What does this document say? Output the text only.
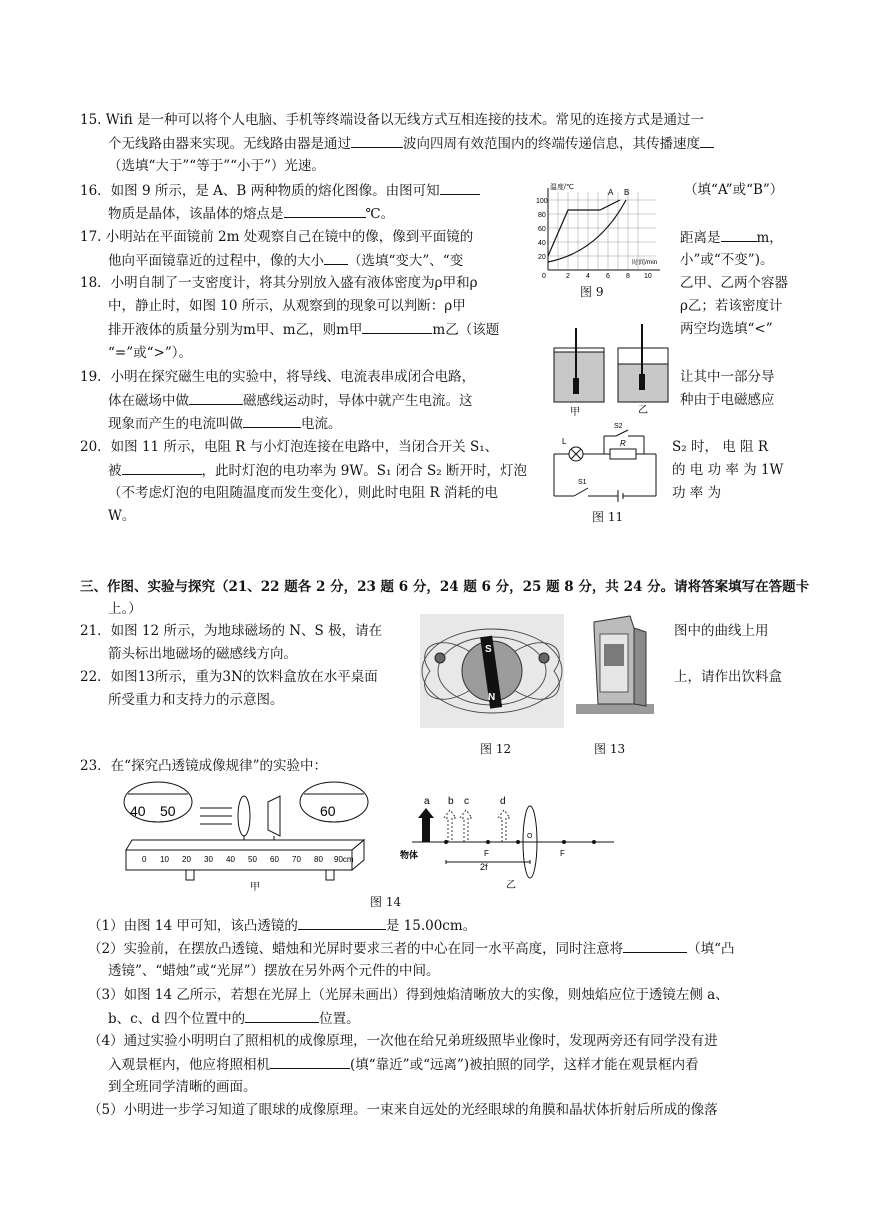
15. Wifi 是一种可以将个人电脑、手机等终端设备以无线方式互相连接的技术。常见的连接方式是通过一
个无线路由器来实现。无线路由器是通过	波向四周有效范围内的终端传递信息，其传播速度
（选填“大于”“等于”“小于”）光速。
16．如图 9 所示，是 A、B 两种物质的熔化图像。由图可知	（填“A”或“B”）
物质是晶体，该晶体的熔点是	℃。
17. 小明站在平面镜前 2m 处观察自己在镜中的像，像到平面镜的	距离是	m，
他向平面镜靠近的过程中，像的大小 （选填“变大”、“变	小”或“不变”)。
18．小明自制了一支密度计，将其分别放入盛有液体密度为ρ甲和ρ	乙甲、乙两个容器
中，静止时，如图 10 所示，从观察到的现象可以判断：ρ甲	ρ乙；若该密度计
排开液体的质量分别为m甲、m乙，则m甲	m乙（该题	两空均选填“<”
“=”或“>”）。
19．小明在探究磁生电的实验中，将导线、电流表串成闭合电路，	让其中一部分导
体在磁场中做	磁感线运动时，导体中就产生电流。这	种由于电磁感应
现象而产生的电流叫做	电流。
20．如图 11 所示，电阻 R 与小灯泡连接在电路中，当闭合开关 S₁、	S₂ 时， 电 阻 R
被	，此时灯泡的电功率为 9W。S₁ 闭合 S₂ 断开时，灯泡	的 电 功 率 为 1W
（不考虑灯泡的电阻随温度而发生变化），则此时电阻 R 消耗的电	功 率 为
W。
三、作图、实验与探究（21、22 题各 2 分，23 题 6 分，24 题 6 分，25 题 8 分，共 24 分。请将答案填写在答题卡
上。）
21．如图 12 所示，为地球磁场的 N、S 极，请在	图中的曲线上用
箭头标出地磁场的磁感线方向。
22．如图13所示，重为3N的饮料盒放在水平桌面	上，请作出饮料盒
所受重力和支持力的示意图。
23．在“探究凸透镜成像规律”的实验中：
（1）由图 14 甲可知，该凸透镜的	是 15.00cm。
（2）实验前，在摆放凸透镜、蜡烛和光屏时要求三者的中心在同一水平高度，同时注意将	（填“凸
透镜”、“蜡烛”或“光屏”）摆放在另外两个元件的中间。
（3）如图 14 乙所示，若想在光屏上（光屏未画出）得到烛焰清晰放大的实像，则烛焰应位于透镜左侧 a、
b、c、d 四个位置中的	位置。
（4）通过实验小明明白了照相机的成像原理，一次他在给兄弟班级照毕业像时，发现两旁还有同学没有进
入观景框内，他应将照相机	(填“靠近”或“远离”)被拍照的同学，这样才能在观景框内看
到全班同学清晰的画面。
（5）小明进一步学习知道了眼球的成像原理。一束来自远处的光经眼球的角膜和晶状体折射后所成的像落
温度/℃
时间/min
100
80
60
40
20
0	2 4 6 8 10
A B
图 9
甲	乙
L	R
S2
S1
图 11
S
N
图 12	图 13
40 50	60
0 10 20 30 40 50 60 70 80 90cm
甲
a b c	d
物体	F	F
O
2f
乙
图 14
